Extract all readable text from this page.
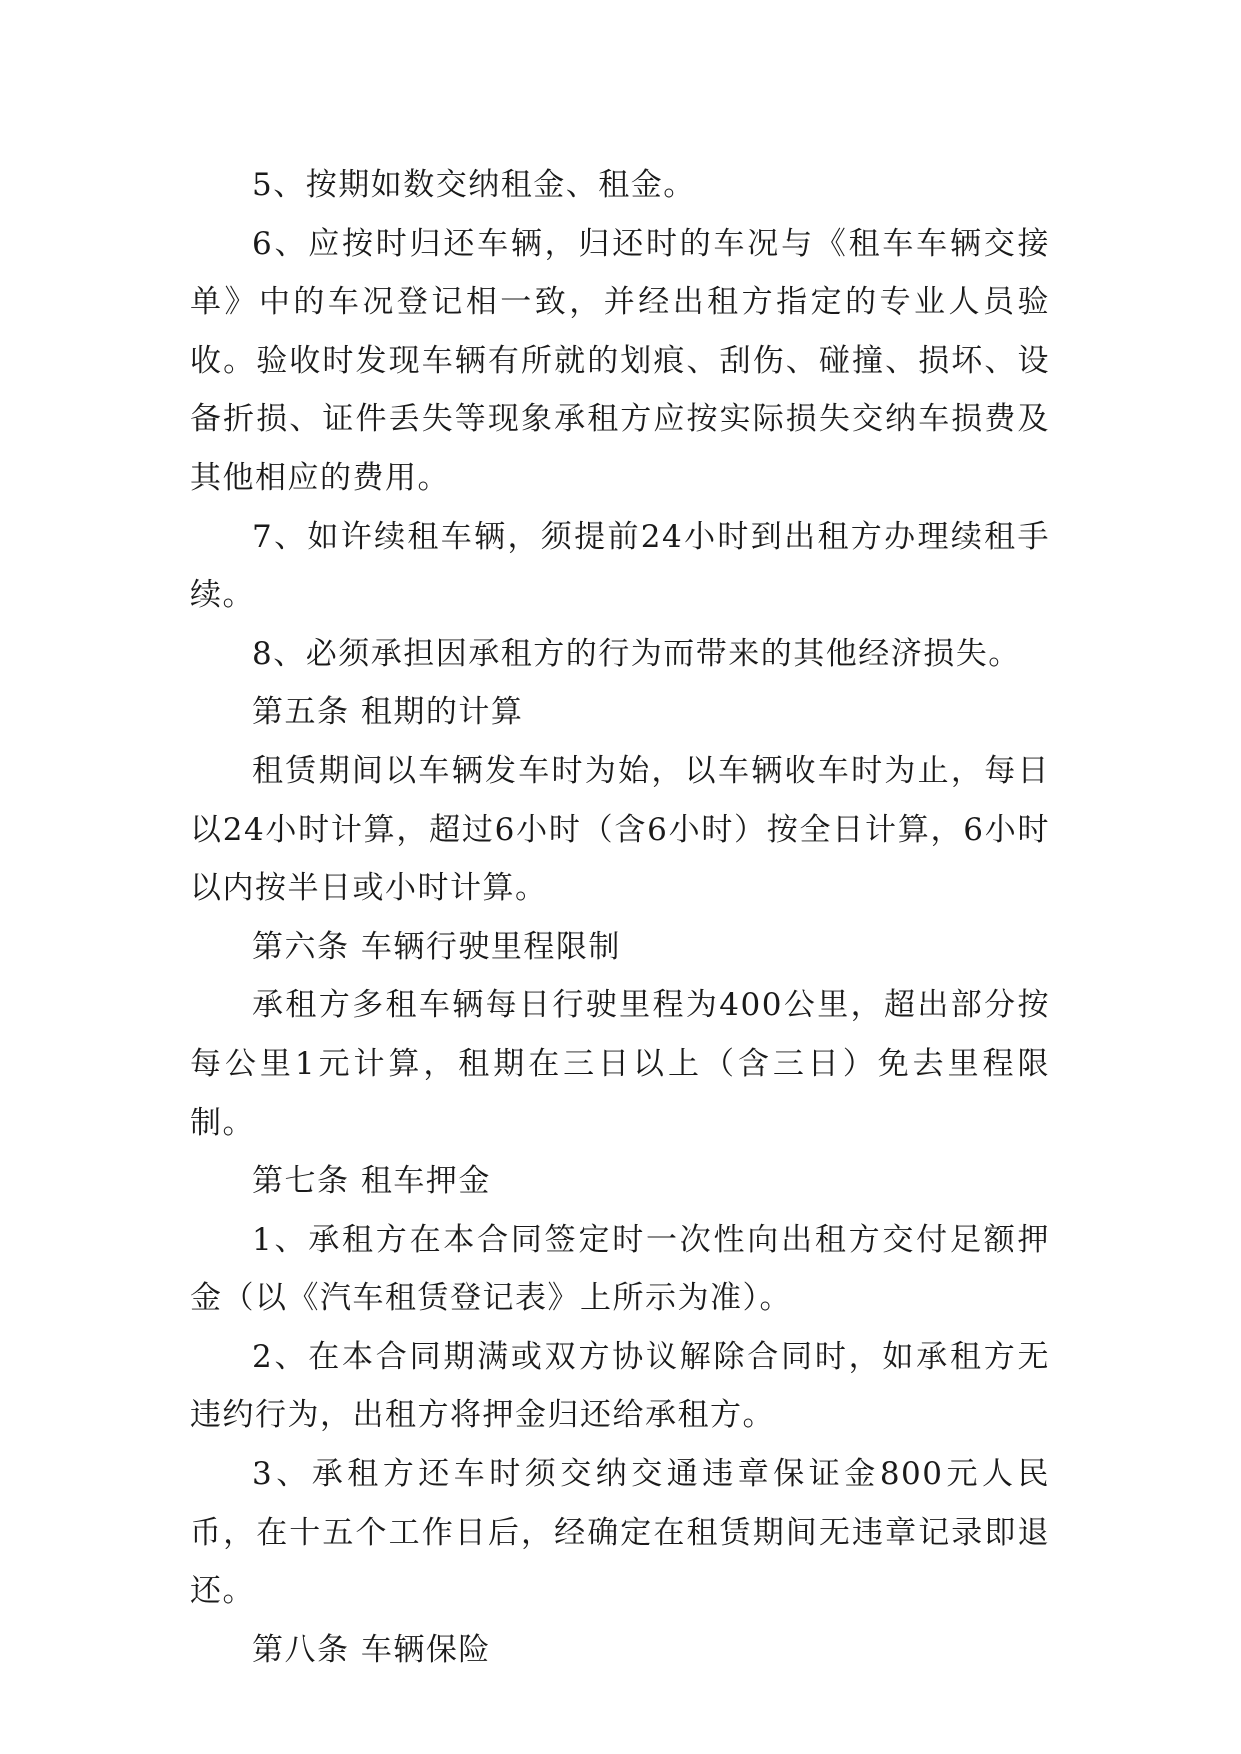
5、按期如数交纳租金、租金。

6、应按时归还车辆，归还时的车况与《租车车辆交接单》中的车况登记相一致，并经出租方指定的专业人员验收。验收时发现车辆有所就的划痕、刮伤、碰撞、损坏、设备折损、证件丢失等现象承租方应按实际损失交纳车损费及其他相应的费用。

7、如许续租车辆，须提前24小时到出租方办理续租手续。

8、必须承担因承租方的行为而带来的其他经济损失。

第五条 租期的计算

租赁期间以车辆发车时为始，以车辆收车时为止，每日以24小时计算，超过6小时（含6小时）按全日计算，6小时以内按半日或小时计算。

第六条 车辆行驶里程限制

承租方多租车辆每日行驶里程为400公里，超出部分按每公里1元计算，租期在三日以上（含三日）免去里程限制。

第七条 租车押金

1、承租方在本合同签定时一次性向出租方交付足额押金（以《汽车租赁登记表》上所示为准）。

2、在本合同期满或双方协议解除合同时，如承租方无违约行为，出租方将押金归还给承租方。

3、承租方还车时须交纳交通违章保证金800元人民币，在十五个工作日后，经确定在租赁期间无违章记录即退还。

第八条 车辆保险
